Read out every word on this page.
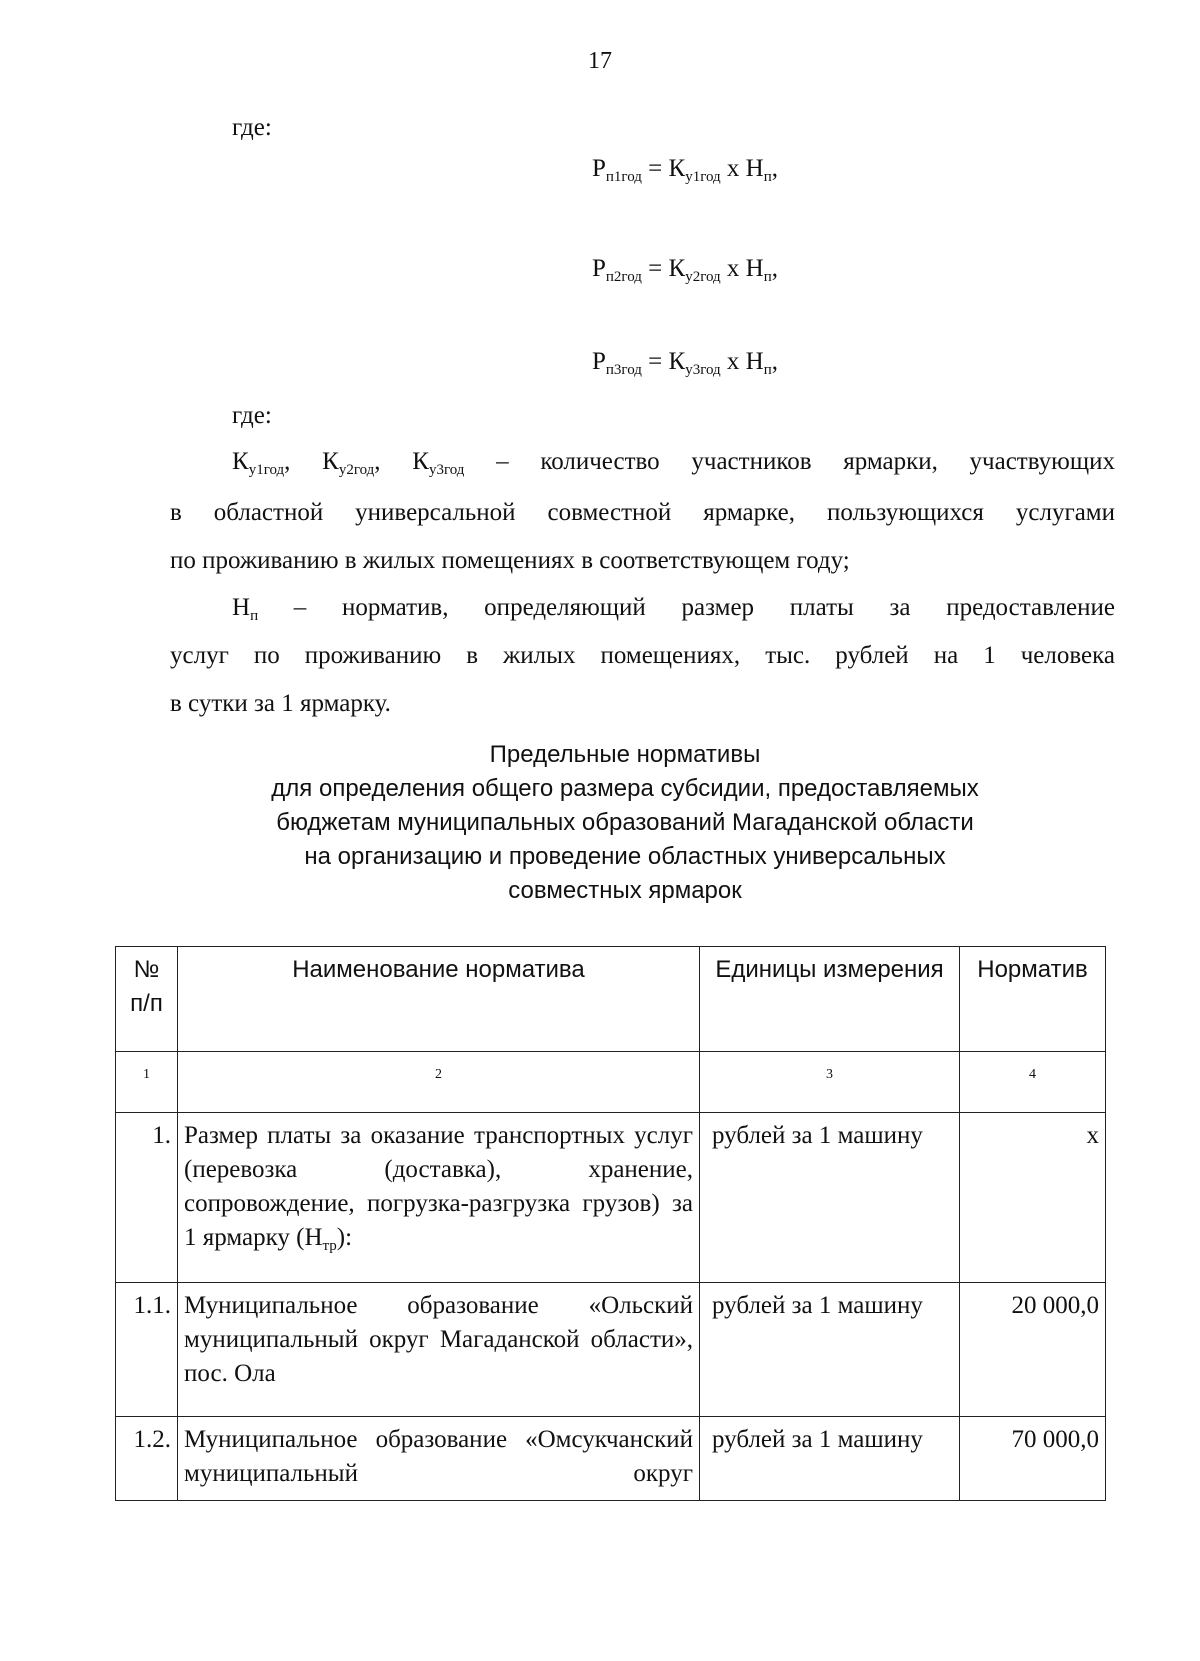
17
где:
$Р_{п1год} = К_{у1год}$ х $Н_п$,
$Р_{п2год} = К_{у2год}$ х $Н_п$,
$Р_{п3год} = К_{у3год}$ х $Н_п$,
где:
$К_{у1год}$, $К_{у2год}$, $К_{у3год}$ – количество участников ярмарки, участвующих
в областной универсальной совместной ярмарке, пользующихся услугами
по проживанию в жилых помещениях в соответствующем году;
$Н_п$ – норматив, определяющий размер платы за предоставление
услуг по проживанию в жилых помещениях, тыс. рублей на 1 человека
в сутки за 1 ярмарку.
Предельные нормативы
для определения общего размера субсидии, предоставляемых
бюджетам муниципальных образований Магаданской области
на организацию и проведение областных универсальных
совместных ярмарок
№ п/п	Наименование норматива	Единицы измерения	Норматив
1	2	3	4
1.	Размер платы за оказание транспортных услуг (перевозка (доставка), хранение, сопровождение, погрузка-разгрузка грузов) за 1 ярмарку $(Н_{тр})$:	рублей за 1 машину	х
1.1.	Муниципальное образование «Ольский муниципальный округ Магаданской области», пос. Ола	рублей за 1 машину	20 000,0
1.2.	Муниципальное образование «Омсукчанский муниципальный округ	рублей за 1 машину	70 000,0
